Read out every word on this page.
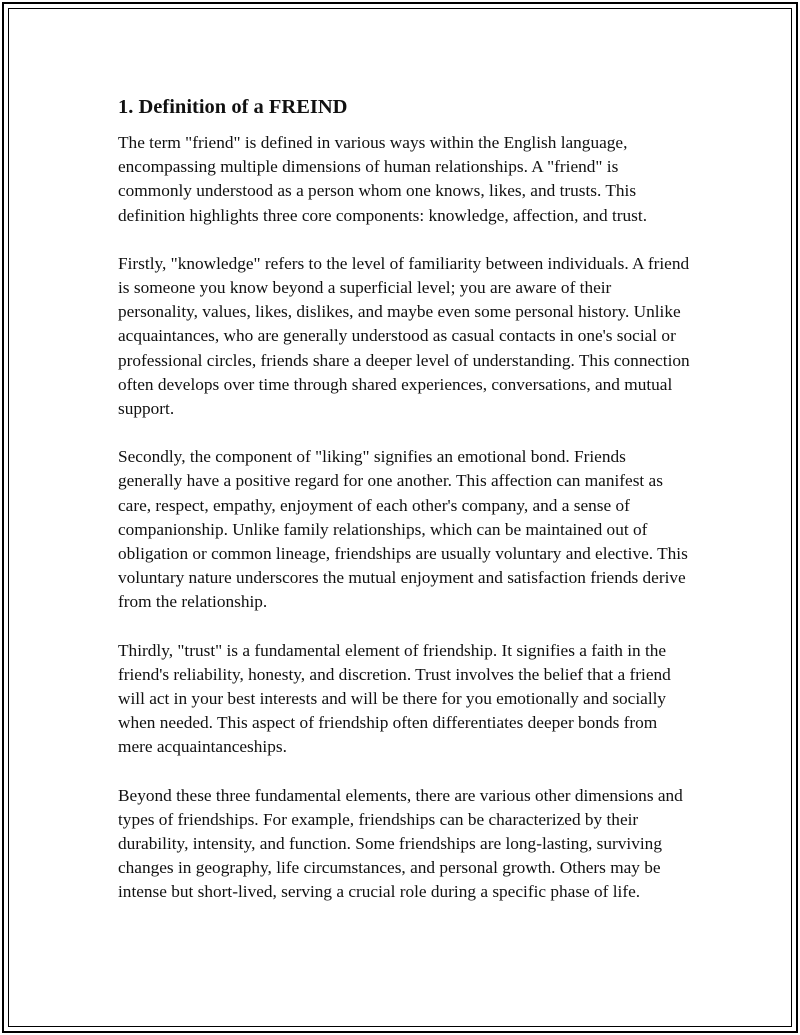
1. Definition of a FREIND

The term "friend" is defined in various ways within the English language, encompassing multiple dimensions of human relationships. A "friend" is commonly understood as a person whom one knows, likes, and trusts. This definition highlights three core components: knowledge, affection, and trust.

Firstly, "knowledge" refers to the level of familiarity between individuals. A friend is someone you know beyond a superficial level; you are aware of their personality, values, likes, dislikes, and maybe even some personal history. Unlike acquaintances, who are generally understood as casual contacts in one's social or professional circles, friends share a deeper level of understanding. This connection often develops over time through shared experiences, conversations, and mutual support.

Secondly, the component of "liking" signifies an emotional bond. Friends generally have a positive regard for one another. This affection can manifest as care, respect, empathy, enjoyment of each other's company, and a sense of companionship. Unlike family relationships, which can be maintained out of obligation or common lineage, friendships are usually voluntary and elective. This voluntary nature underscores the mutual enjoyment and satisfaction friends derive from the relationship.

Thirdly, "trust" is a fundamental element of friendship. It signifies a faith in the friend's reliability, honesty, and discretion. Trust involves the belief that a friend will act in your best interests and will be there for you emotionally and socially when needed. This aspect of friendship often differentiates deeper bonds from mere acquaintanceships.

Beyond these three fundamental elements, there are various other dimensions and types of friendships. For example, friendships can be characterized by their durability, intensity, and function. Some friendships are long-lasting, surviving changes in geography, life circumstances, and personal growth. Others may be intense but short-lived, serving a crucial role during a specific phase of life.
